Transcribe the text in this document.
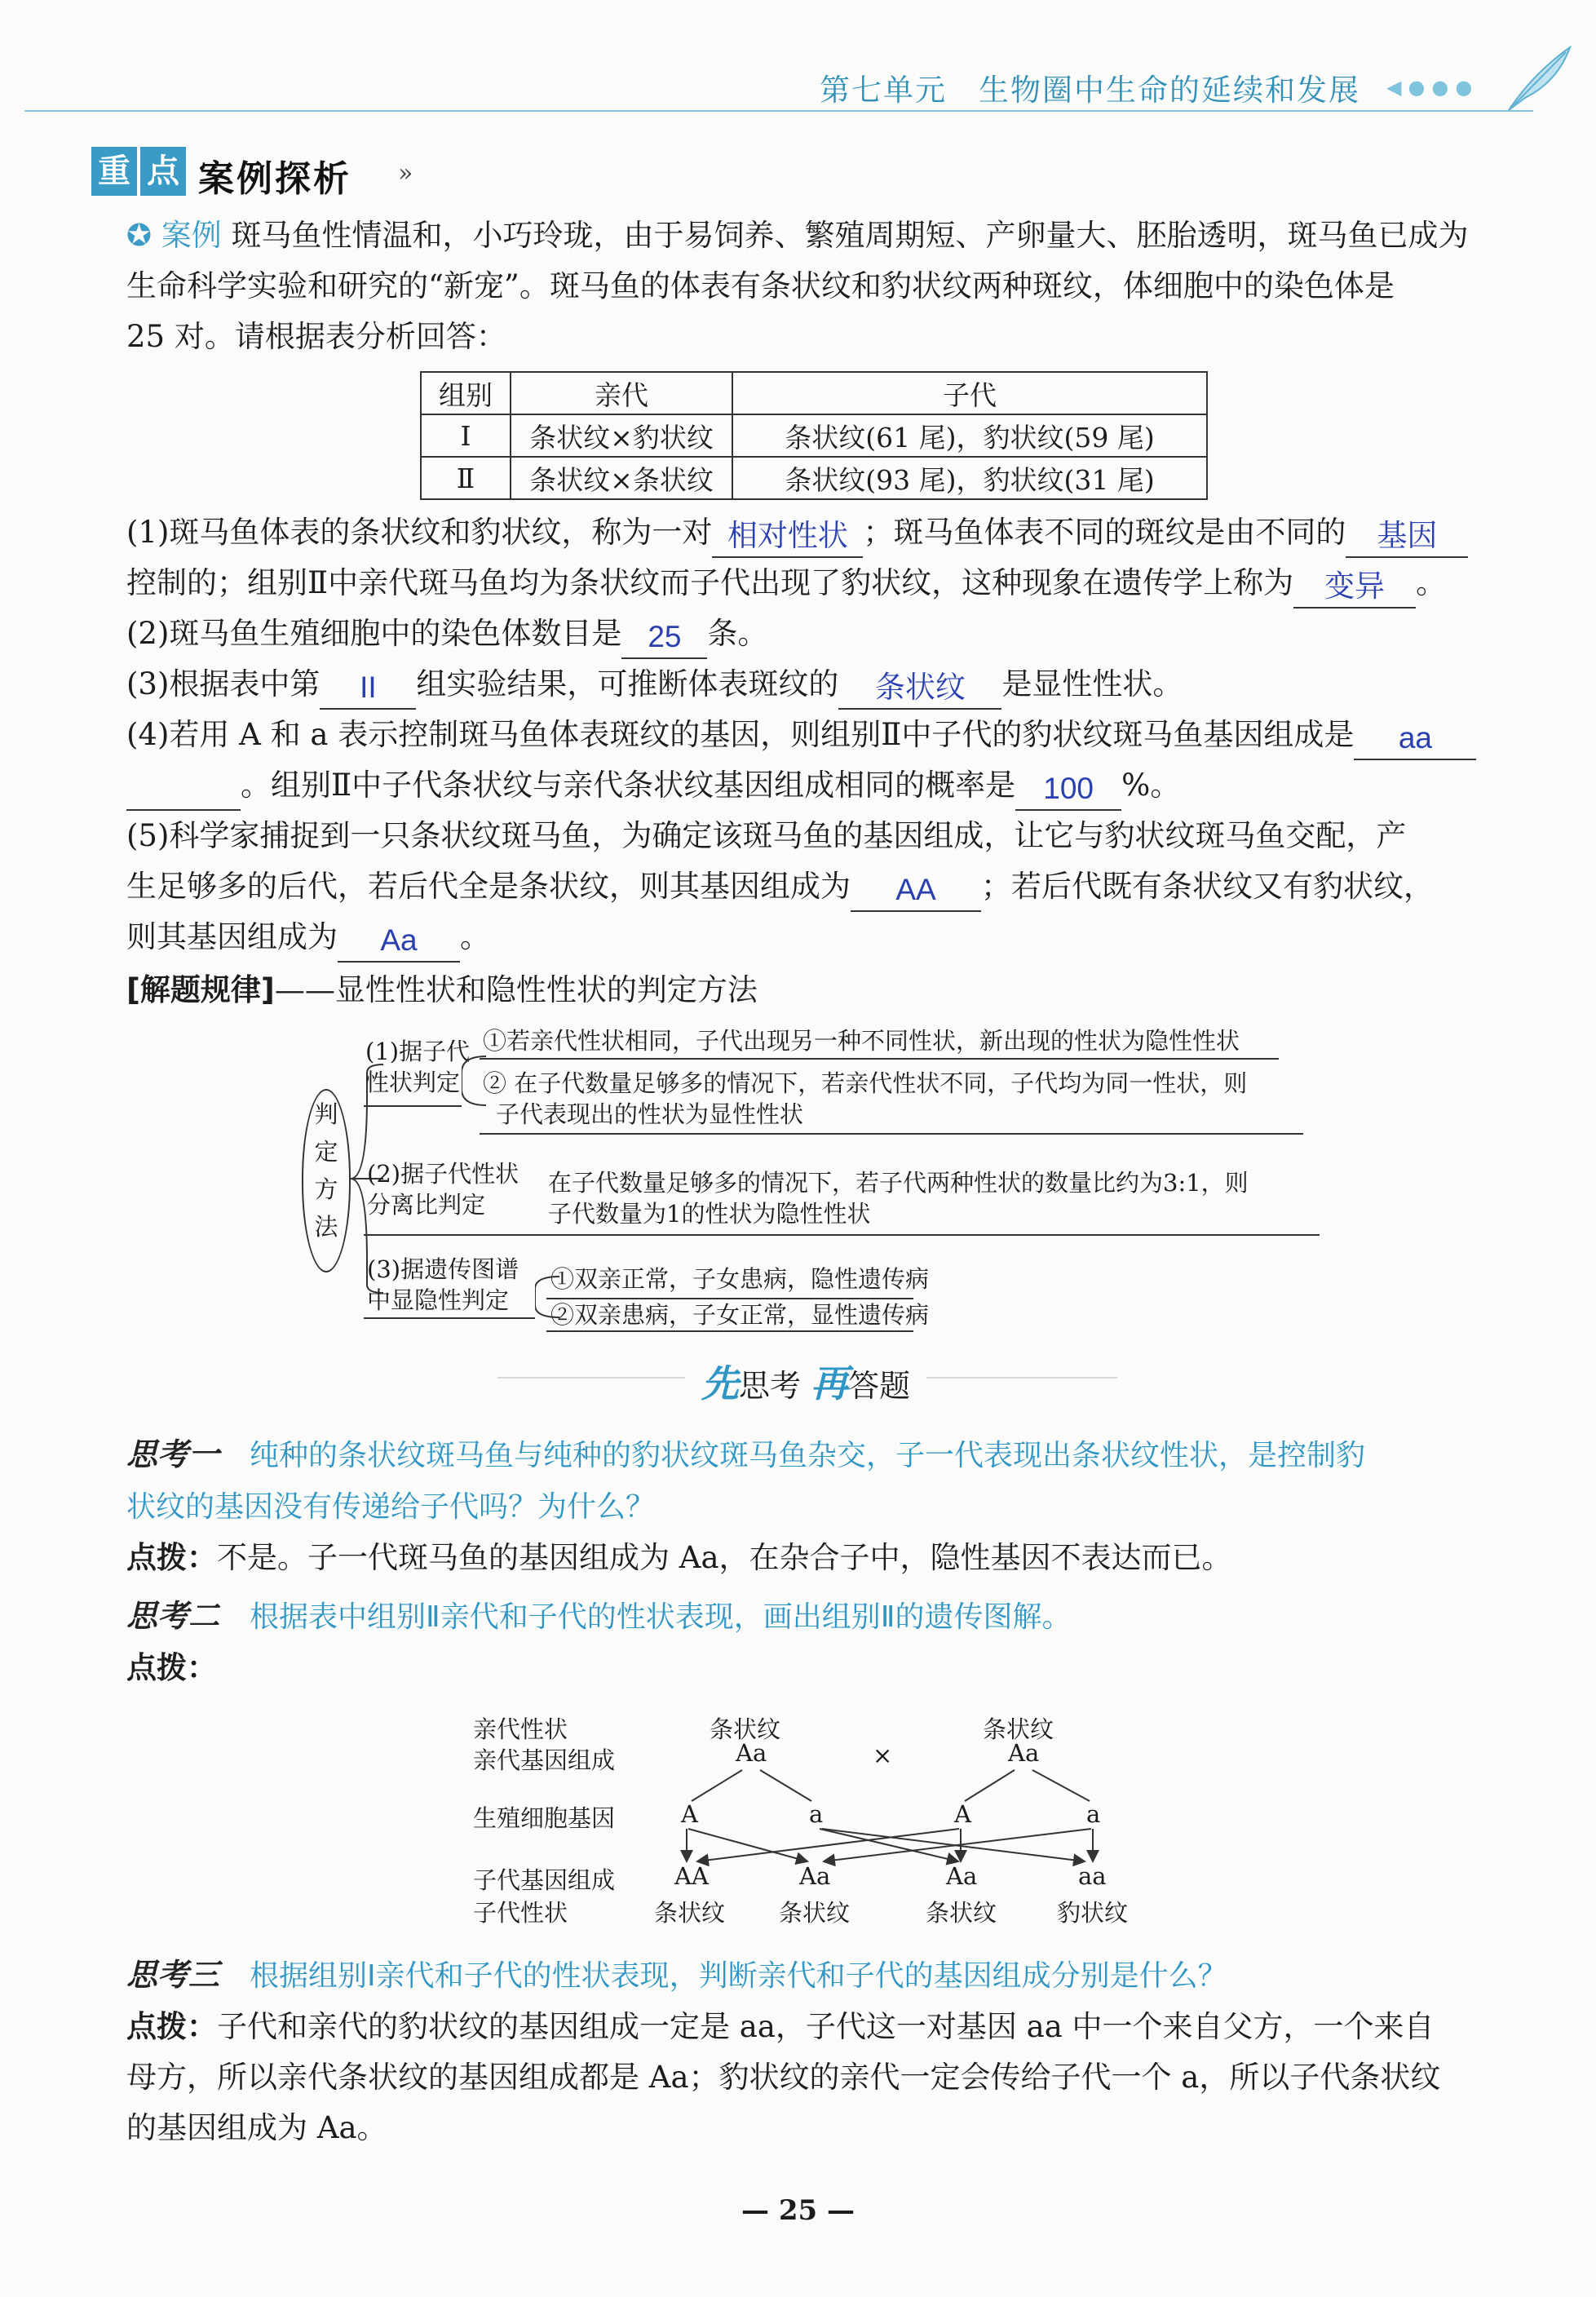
第七单元　生物圈中生命的延续和发展 ◀●●●
重 点 案例探析 »
✪ 案例 斑马鱼性情温和，小巧玲珑，由于易饲养、繁殖周期短、产卵量大、胚胎透明，斑马鱼已成为
生命科学实验和研究的“新宠”。斑马鱼的体表有条状纹和豹状纹两种斑纹，体细胞中的染色体是
25 对。请根据表分析回答：
组别	亲代	子代
Ⅰ	条状纹×豹状纹	条状纹(61 尾)，豹状纹(59 尾)
Ⅱ	条状纹×条状纹	条状纹(93 尾)，豹状纹(31 尾)
(1)斑马鱼体表的条状纹和豹状纹，称为一对 相对性状 ；斑马鱼体表不同的斑纹是由不同的 基因
控制的；组别Ⅱ中亲代斑马鱼均为条状纹而子代出现了豹状纹，这种现象在遗传学上称为 变异 。
(2)斑马鱼生殖细胞中的染色体数目是 25 条。
(3)根据表中第 II 组实验结果，可推断体表斑纹的 条状纹 是显性性状。
(4)若用 A 和 a 表示控制斑马鱼体表斑纹的基因，则组别Ⅱ中子代的豹状纹斑马鱼基因组成是 aa
。组别Ⅱ中子代条状纹与亲代条状纹基因组成相同的概率是 100 %。
(5)科学家捕捉到一只条状纹斑马鱼，为确定该斑马鱼的基因组成，让它与豹状纹斑马鱼交配，产
生足够多的后代，若后代全是条状纹，则其基因组成为 AA ；若后代既有条状纹又有豹状纹，
则其基因组成为 Aa 。
[解题规律]——显性性状和隐性性状的判定方法
判
定
方
法
(1)据子代
性状判定
①若亲代性状相同，子代出现另一种不同性状，新出现的性状为隐性性状
② 在子代数量足够多的情况下，若亲代性状不同，子代均为同一性状，则
子代表现出的性状为显性性状
(2)据子代性状
分离比判定
在子代数量足够多的情况下，若子代两种性状的数量比约为3:1，则
子代数量为1的性状为隐性性状
(3)据遗传图谱
中显隐性判定
①双亲正常，子女患病，隐性遗传病
②双亲患病，子女正常，显性遗传病
先思考 再答题
思考一　 纯种的条状纹斑马鱼与纯种的豹状纹斑马鱼杂交，子一代表现出条状纹性状，是控制豹
状纹的基因没有传递给子代吗？为什么？
点拨：不是。子一代斑马鱼的基因组成为 Aa，在杂合子中，隐性基因不表达而已。
思考二　 根据表中组别Ⅱ亲代和子代的性状表现，画出组别Ⅱ的遗传图解。
点拨：
亲代性状
亲代基因组成
生殖细胞基因
子代基因组成
子代性状
条状纹
Aa	×
条状纹
Aa
A	a	A	a
AA	Aa	Aa	aa
条状纹 条状纹	条状纹	豹状纹
思考三　 根据组别Ⅰ亲代和子代的性状表现，判断亲代和子代的基因组成分别是什么？
点拨：子代和亲代的豹状纹的基因组成一定是 aa，子代这一对基因 aa 中一个来自父方，一个来自
母方，所以亲代条状纹的基因组成都是 Aa；豹状纹的亲代一定会传给子代一个 a，所以子代条状纹
的基因组成为 Aa。
— 25 —
